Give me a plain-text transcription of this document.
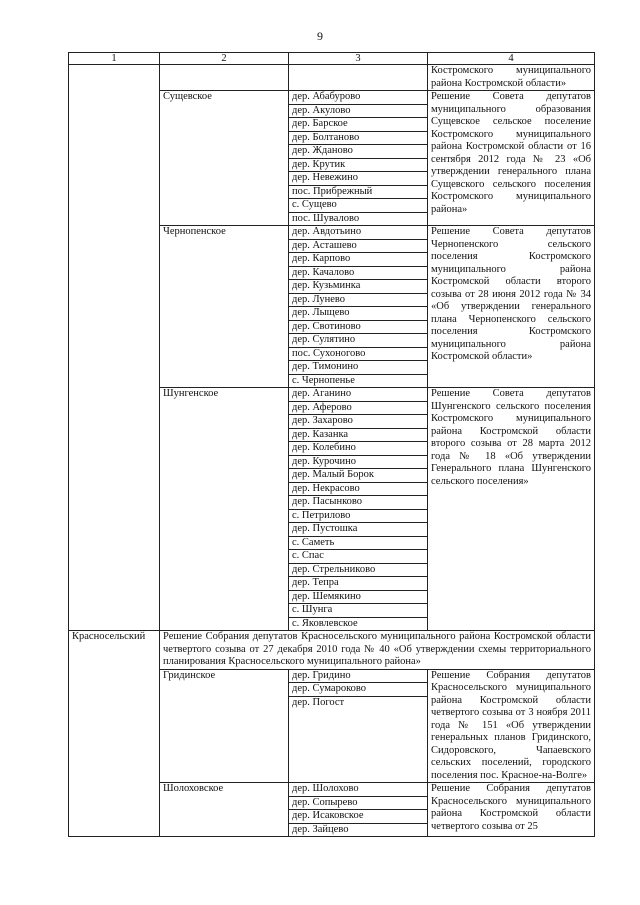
9
1	2	3	4
			Костромского муниципального района Костромской области»
Сущевское		дер. Абабурово
дер. Акулово
дер. Барское
дер. Болтаново
дер. Жданово
дер. Крутик
дер. Невежино
пос. Прибрежный
с. Сущево
пос. Шувалово
	Решение Совета депутатов муниципального образования Сущевское сельское поселение Костромского муниципального района Костромской области от 16 сентября 2012 года № 23 «Об утверждении генерального плана Сущевского сельского поселения Костромского муниципального района»
Чернопенское		дер. Авдотьино
дер. Асташево
дер. Карпово
дер. Качалово
дер. Кузьминка
дер. Лунево
дер. Лыщево
дер. Свотиново
дер. Сулятино
пос. Сухоногово
дер. Тимонино
с. Чернопенье
	Решение Совета депутатов Чернопенского сельского поселения Костромского муниципального района Костромской области второго созыва от 28 июня 2012 года № 34 «Об утверждении генерального плана Чернопенского сельского поселения Костромского муниципального района Костромской области»
Шунгенское		дер. Аганино
дер. Аферово
дер. Захарово
дер. Казанка
дер. Колебино
дер. Курочино
дер. Малый Борок
дер. Некрасово
дер. Пасынково
с. Петрилово
дер. Пустошка
с. Саметь
с. Спас
дер. Стрельниково
дер. Тепра
дер. Шемякино
с. Шунга
с. Яковлевское
	Решение Совета депутатов Шунгенского сельского поселения Костромского муниципального района Костромской области второго созыва от 28 марта 2012 года № 18 «Об утверждении Генерального плана Шунгенского сельского поселения»
Красносельский	Решение Собрания депутатов Красносельского муниципального района Костромской области четвертого созыва от 27 декабря 2010 года № 40 «Об утверждении схемы территориального планирования Красносельского муниципального района»
Гридинское		дер. Гридино
дер. Сумароково
дер. Погост
	Решение Собрания депутатов Красносельского муниципального района Костромской области четвертого созыва от 3 ноября 2011 года № 151 «Об утверждении генеральных планов Гридинского, Сидоровского, Чапаевского сельских поселений, городского поселения пос. Красное-на-Волге»
Шолоховское		дер. Шолохово
дер. Сопырево
дер. Исаковское
дер. Зайцево
	Решение Собрания депутатов Красносельского муниципального района Костромской области четвертого созыва от 25
